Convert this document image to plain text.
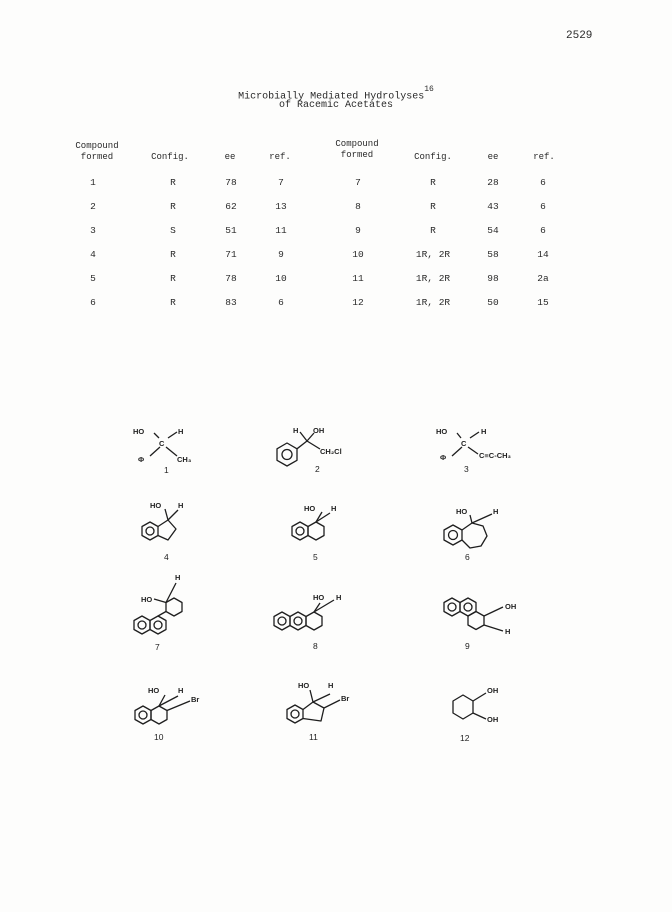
2529
Microbially Mediated Hydrolyses$^{16}$
of Racemic Acetates
Compound
formed	Config.	ee	ref.
Compound
formed	Config.	ee	ref.
1	R	78	7
2	R	62	13
3	S	51	11
4	R	71	9
5	R	78	10
6	R	83	6
7	R	28	6
8	R	43	6
9	R	54	6
10	1R, 2R	58	14
11	1R, 2R	98	2a
12	1R, 2R	50	15
HO	H
C
Φ	CH₃
H OH
CH₂Cl
HO	H
C
Φ	C≡C-CH₃
HO H	HO H	HO	H
H
HO	HO H
OH
H
HO	H
Br
HO	H
Br
OH
OH
1	2	3
4	5	6
7	8	9
10	11	12
